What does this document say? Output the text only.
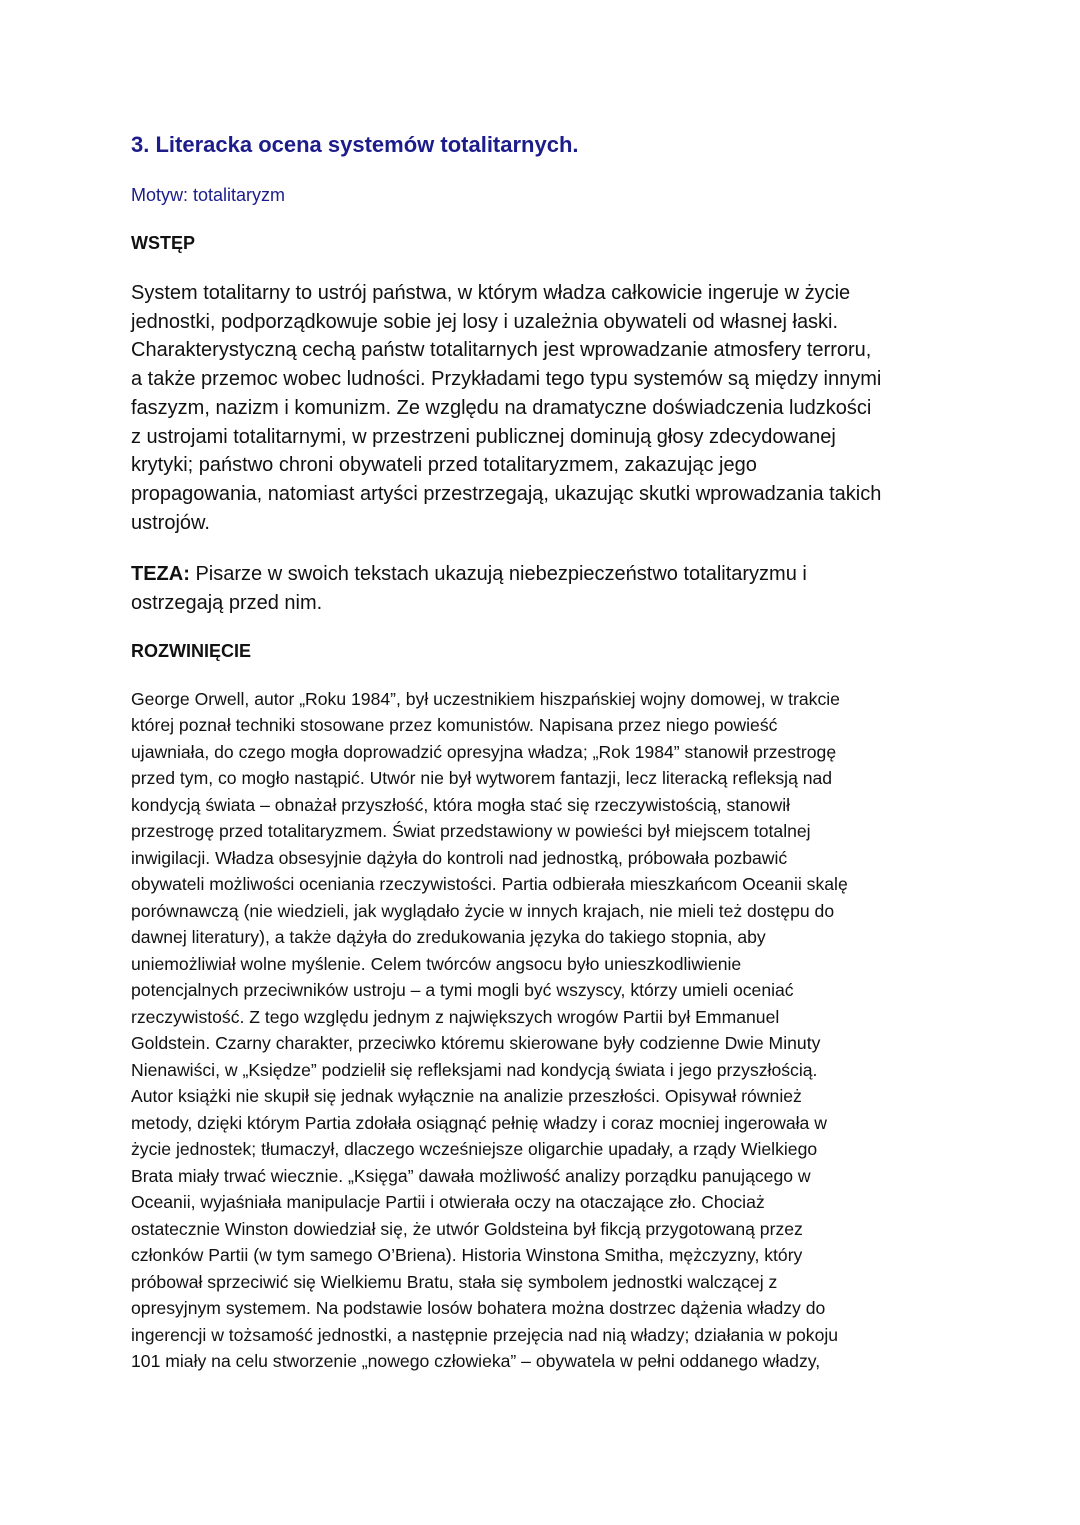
3. Literacka ocena systemów totalitarnych.
Motyw: totalitaryzm
WSTĘP
System totalitarny to ustrój państwa, w którym władza całkowicie ingeruje w życie
jednostki, podporządkowuje sobie jej losy i uzależnia obywateli od własnej łaski.
Charakterystyczną cechą państw totalitarnych jest wprowadzanie atmosfery terroru,
a także przemoc wobec ludności. Przykładami tego typu systemów są między innymi
faszyzm, nazizm i komunizm. Ze względu na dramatyczne doświadczenia ludzkości
z ustrojami totalitarnymi, w przestrzeni publicznej dominują głosy zdecydowanej
krytyki; państwo chroni obywateli przed totalitaryzmem, zakazując jego
propagowania, natomiast artyści przestrzegają, ukazując skutki wprowadzania takich
ustrojów.
TEZA: Pisarze w swoich tekstach ukazują niebezpieczeństwo totalitaryzmu i
ostrzegają przed nim.
ROZWINIĘCIE
George Orwell, autor „Roku 1984”, był uczestnikiem hiszpańskiej wojny domowej, w trakcie
której poznał techniki stosowane przez komunistów. Napisana przez niego powieść
ujawniała, do czego mogła doprowadzić opresyjna władza; „Rok 1984” stanowił przestrogę
przed tym, co mogło nastąpić. Utwór nie był wytworem fantazji, lecz literacką refleksją nad
kondycją świata – obnażał przyszłość, która mogła stać się rzeczywistością, stanowił
przestrogę przed totalitaryzmem. Świat przedstawiony w powieści był miejscem totalnej
inwigilacji. Władza obsesyjnie dążyła do kontroli nad jednostką, próbowała pozbawić
obywateli możliwości oceniania rzeczywistości. Partia odbierała mieszkańcom Oceanii skalę
porównawczą (nie wiedzieli, jak wyglądało życie w innych krajach, nie mieli też dostępu do
dawnej literatury), a także dążyła do zredukowania języka do takiego stopnia, aby
uniemożliwiał wolne myślenie. Celem twórców angsocu było unieszkodliwienie
potencjalnych przeciwników ustroju – a tymi mogli być wszyscy, którzy umieli oceniać
rzeczywistość. Z tego względu jednym z największych wrogów Partii był Emmanuel
Goldstein. Czarny charakter, przeciwko któremu skierowane były codzienne Dwie Minuty
Nienawiści, w „Księdze” podzielił się refleksjami nad kondycją świata i jego przyszłością.
Autor książki nie skupił się jednak wyłącznie na analizie przeszłości. Opisywał również
metody, dzięki którym Partia zdołała osiągnąć pełnię władzy i coraz mocniej ingerowała w
życie jednostek; tłumaczył, dlaczego wcześniejsze oligarchie upadały, a rządy Wielkiego
Brata miały trwać wiecznie. „Księga” dawała możliwość analizy porządku panującego w
Oceanii, wyjaśniała manipulacje Partii i otwierała oczy na otaczające zło. Chociaż
ostatecznie Winston dowiedział się, że utwór Goldsteina był fikcją przygotowaną przez
członków Partii (w tym samego O’Briena). Historia Winstona Smitha, mężczyzny, który
próbował sprzeciwić się Wielkiemu Bratu, stała się symbolem jednostki walczącej z
opresyjnym systemem. Na podstawie losów bohatera można dostrzec dążenia władzy do
ingerencji w tożsamość jednostki, a następnie przejęcia nad nią władzy; działania w pokoju
101 miały na celu stworzenie „nowego człowieka” – obywatela w pełni oddanego władzy,
